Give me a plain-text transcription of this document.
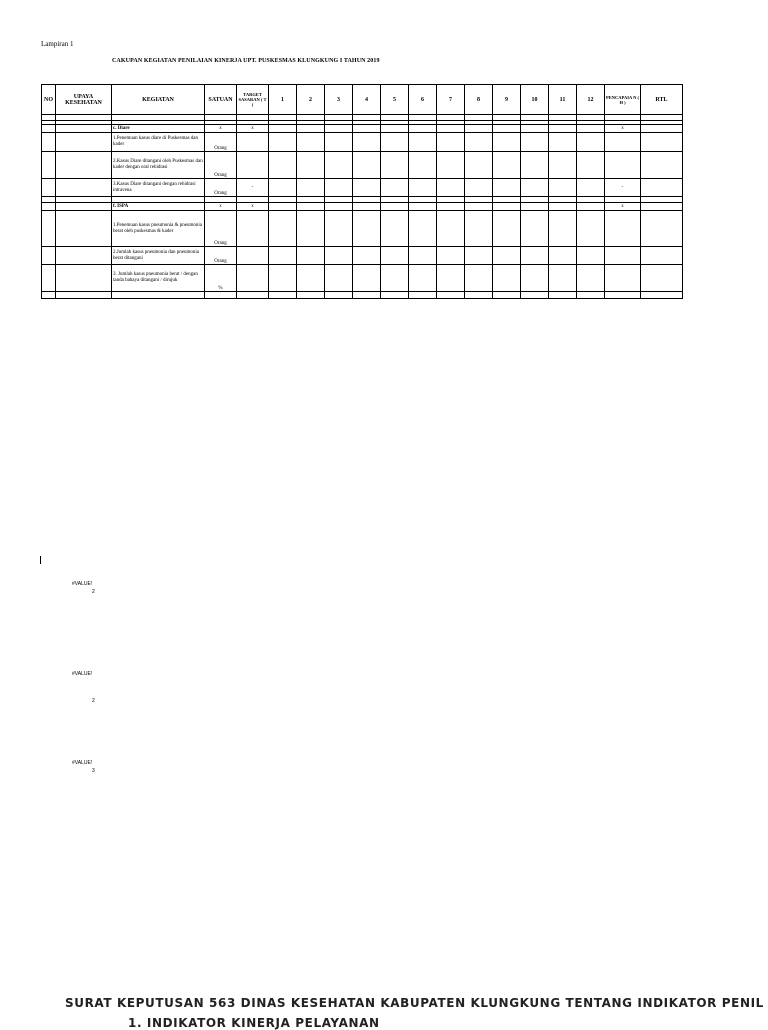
Lampiran 1
CAKUPAN KEGIATAN PENILAIAN KINERJA UPT. PUSKESMAS KLUNGKUNG I TAHUN 2019
NO	UPAYA KESEHATAN	KEGIATAN	SATUAN	TARGET SASARAN ( T )	1	2	3	4	5	6	7	8	9	10	11	12	PENCAPAIA N ( H )	RTL

		c. Diare	x	x													x	
		1.Penemuan kasus diare di Puskesmas dan kader	Orang															
		2.Kasus Diare ditangani oleh Puskesmas dan kader dengan oral rehidrasi	Orang															
		3.Kasus Diare ditangani dengan rehidrasi intravena	Orang	-													-	

		f. ISPA	x	x													x	
		1.Penemuan kasus pneumonia & pneumonia berat oleh puskesmas & kader	Orang															
		2.Jumlah kasus pneumonia dan pneumonia berat ditangani	Orang															
		3. Jumlah kasus pneumonia berat / dengan tanda bahaya ditangani / dirujuk	%															

#VALUE!
2
#VALUE!
2
#VALUE!
3
SURAT KEPUTUSAN 563 DINAS KESEHATAN KABUPATEN KLUNGKUNG TENTANG INDIKATOR PENIL
1. INDIKATOR KINERJA PELAYANAN
